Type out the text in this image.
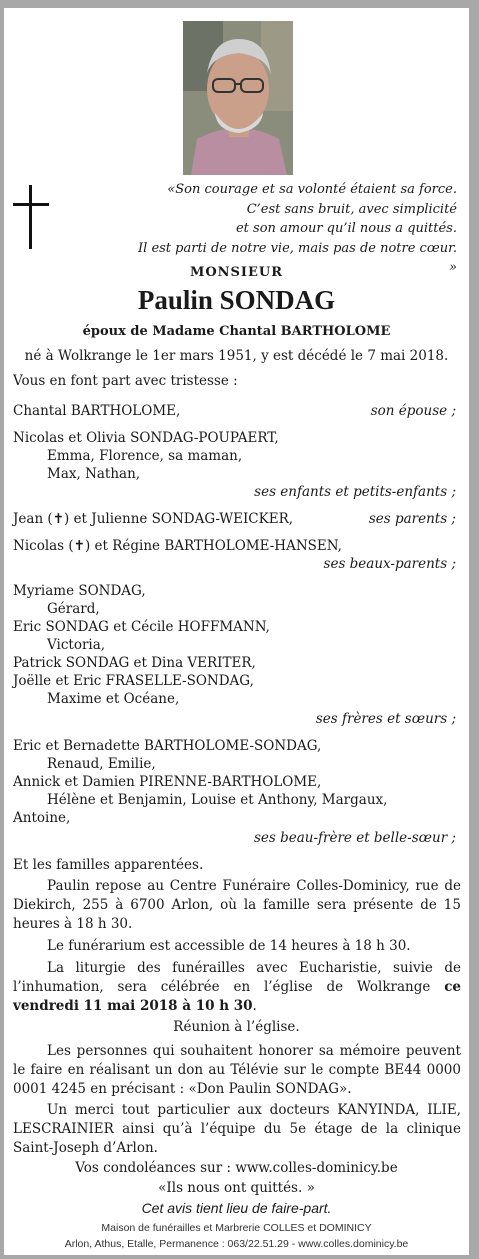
«Son courage et sa volonté étaient sa force.
C’est sans bruit, avec simplicité
et son amour qu’il nous a quittés.
Il est parti de notre vie, mais pas de notre cœur. »
MONSIEUR
Paulin SONDAG
époux de Madame Chantal BARTHOLOME
né à Wolkrange le 1er mars 1951, y est décédé le 7 mai 2018.
Vous en font part avec tristesse :
Chantal BARTHOLOME,	son épouse ;
Nicolas et Olivia SONDAG-POUPAERT,
Emma, Florence, sa maman,
Max, Nathan,
ses enfants et petits-enfants ;
Jean (✝) et Julienne SONDAG-WEICKER,	ses parents ;
Nicolas (✝) et Régine BARTHOLOME-HANSEN,
ses beaux-parents ;
Myriame SONDAG,
Gérard,
Eric SONDAG et Cécile HOFFMANN,
Victoria,
Patrick SONDAG et Dina VERITER,
Joëlle et Eric FRASELLE-SONDAG,
Maxime et Océane,
ses frères et sœurs ;
Eric et Bernadette BARTHOLOME-SONDAG,
Renaud, Emilie,
Annick et Damien PIRENNE-BARTHOLOME,
Hélène et Benjamin, Louise et Anthony, Margaux,
Antoine,
ses beau-frère et belle-sœur ;
Et les familles apparentées.
Paulin repose au Centre Funéraire Colles-Dominicy, rue de Diekirch, 255 à 6700 Arlon, où la famille sera présente de 15 heures à 18 h 30.
Le funérarium est accessible de 14 heures à 18 h 30.
La liturgie des funérailles avec Eucharistie, suivie de l’inhumation, sera célébrée en l’église de Wolkrange ce vendredi 11 mai 2018 à 10 h 30.
Réunion à l’église.
Les personnes qui souhaitent honorer sa mémoire peuvent le faire en réalisant un don au Télévie sur le compte BE44 0000 0001 4245 en précisant : «Don Paulin SONDAG».
Un merci tout particulier aux docteurs KANYINDA, ILIE, LESCRAINIER ainsi qu’à l’équipe du 5e étage de la clinique Saint-Joseph d’Arlon.
Vos condoléances sur : www.colles-dominicy.be
«Ils nous ont quittés. »
Cet avis tient lieu de faire-part.
Maison de funérailles et Marbrerie COLLES et DOMINICY
Arlon, Athus, Etalle, Permanence : 063/22.51.29 - www.colles.dominicy.be
